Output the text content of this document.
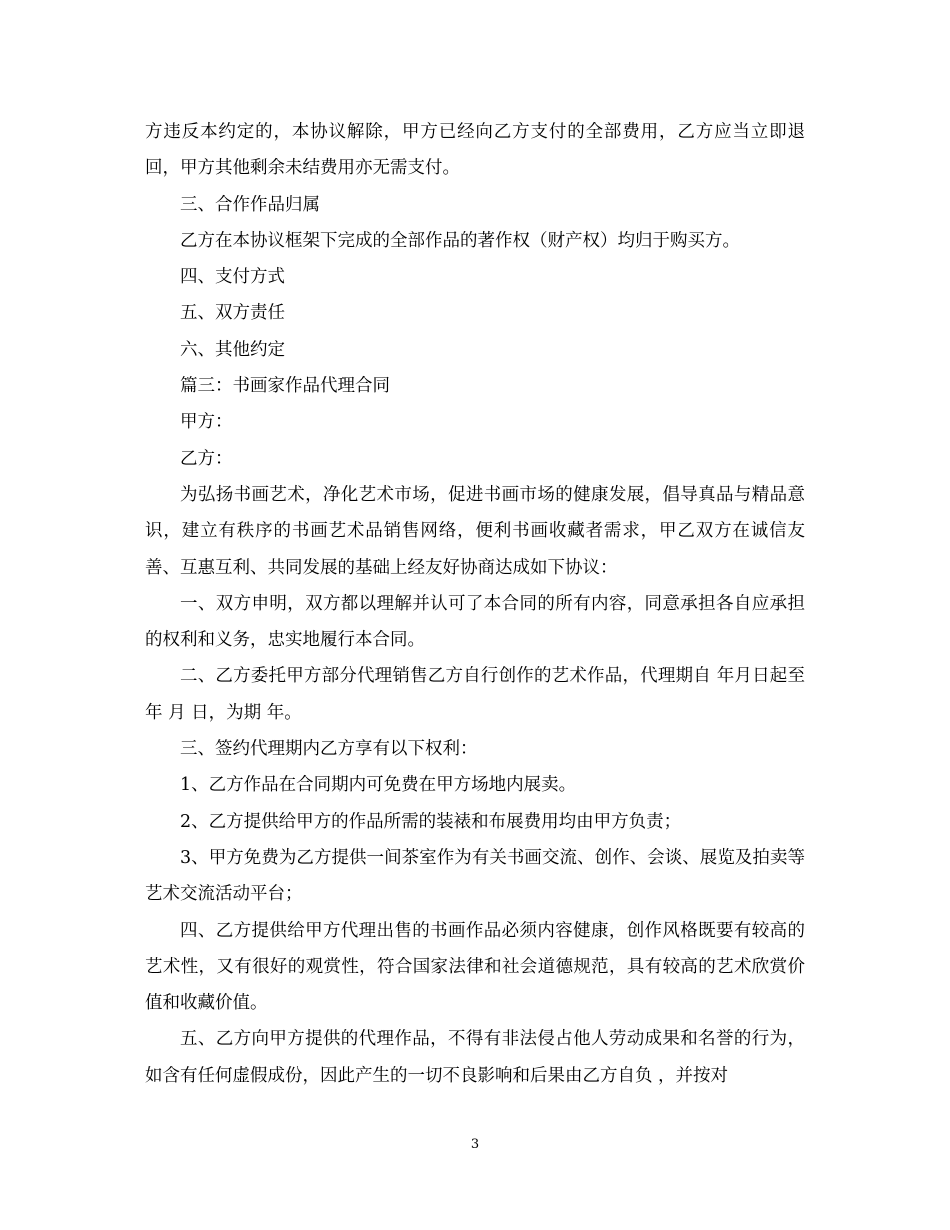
方违反本约定的，本协议解除，甲方已经向乙方支付的全部费用，乙方应当立即退回，甲方其他剩余未结费用亦无需支付。

三、合作作品归属

乙方在本协议框架下完成的全部作品的著作权（财产权）均归于购买方。

四、支付方式

五、双方责任

六、其他约定

篇三：书画家作品代理合同

甲方：

乙方：

为弘扬书画艺术，净化艺术市场，促进书画市场的健康发展，倡导真品与精品意识，建立有秩序的书画艺术品销售网络，便利书画收藏者需求，甲乙双方在诚信友善、互惠互利、共同发展的基础上经友好协商达成如下协议：

一、双方申明，双方都以理解并认可了本合同的所有内容，同意承担各自应承担的权利和义务，忠实地履行本合同。

二、乙方委托甲方部分代理销售乙方自行创作的艺术作品，代理期自 年月日起至年 月 日，为期 年。

三、签约代理期内乙方享有以下权利：

1、乙方作品在合同期内可免费在甲方场地内展卖。

2、乙方提供给甲方的作品所需的装裱和布展费用均由甲方负责；

3、甲方免费为乙方提供一间茶室作为有关书画交流、创作、会谈、展览及拍卖等艺术交流活动平台；

四、乙方提供给甲方代理出售的书画作品必须内容健康，创作风格既要有较高的艺术性，又有很好的观赏性，符合国家法律和社会道德规范，具有较高的艺术欣赏价值和收藏价值。

五、乙方向甲方提供的代理作品，不得有非法侵占他人劳动成果和名誉的行为，如含有任何虚假成份，因此产生的一切不良影响和后果由乙方自负 ，并按对

3
